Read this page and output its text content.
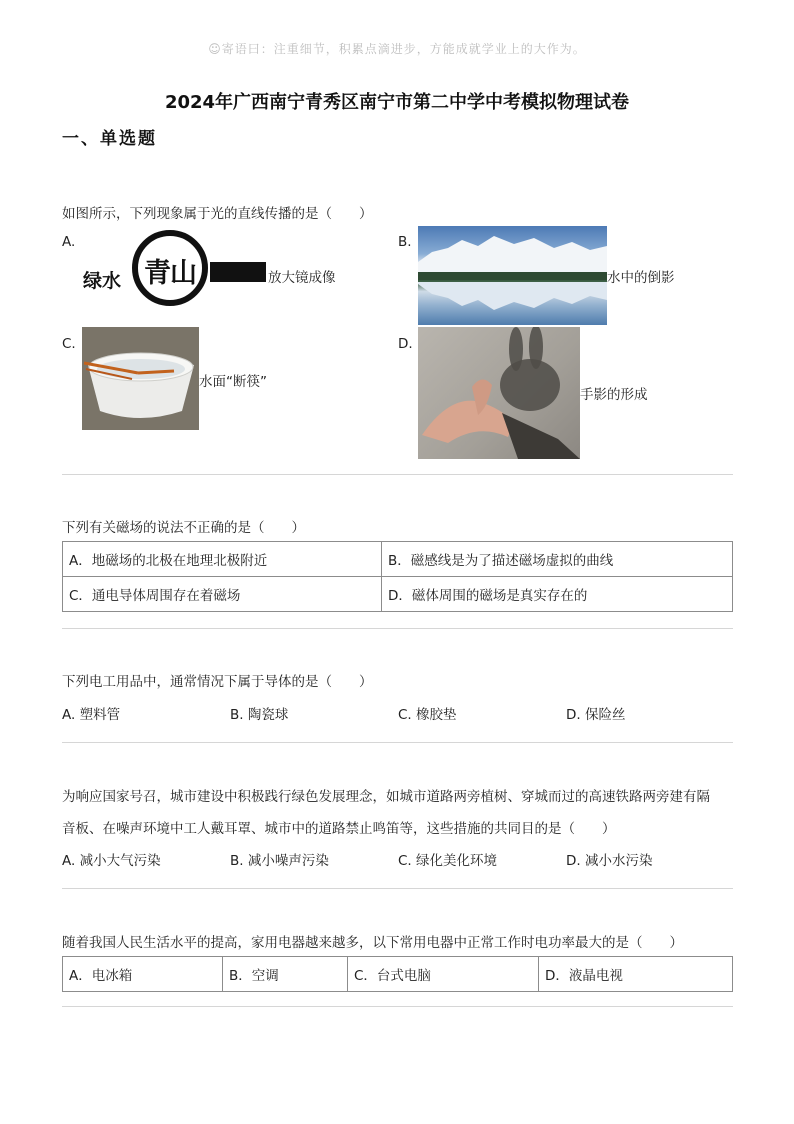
☺寄语曰：注重细节，积累点滴进步，方能成就学业上的大作为。
2024年广西南宁青秀区南宁市第二中学中考模拟物理试卷
一、单选题
如图所示，下列现象属于光的直线传播的是（　　）
A.
绿水 青山	放大镜成像
B.
水中的倒影
C.
水面“断筷”
D.
手影的形成
下列有关磁场的说法不正确的是（　　）
A．地磁场的北极在地理北极附近	B．磁感线是为了描述磁场虚拟的曲线
C．通电导体周围存在着磁场	D．磁体周围的磁场是真实存在的
下列电工用品中，通常情况下属于导体的是（　　）
A. 塑料管	B. 陶瓷球	C. 橡胶垫	D. 保险丝
为响应国家号召，城市建设中积极践行绿色发展理念，如城市道路两旁植树、穿城而过的高速铁路两旁建有隔
音板、在噪声环境中工人戴耳罩、城市中的道路禁止鸣笛等，这些措施的共同目的是（　　）
A. 减小大气污染	B. 减小噪声污染	C. 绿化美化环境	D. 减小水污染
随着我国人民生活水平的提高，家用电器越来越多，以下常用电器中正常工作时电功率最大的是（　　）
A．电冰箱	B．空调	C．台式电脑	D．液晶电视
